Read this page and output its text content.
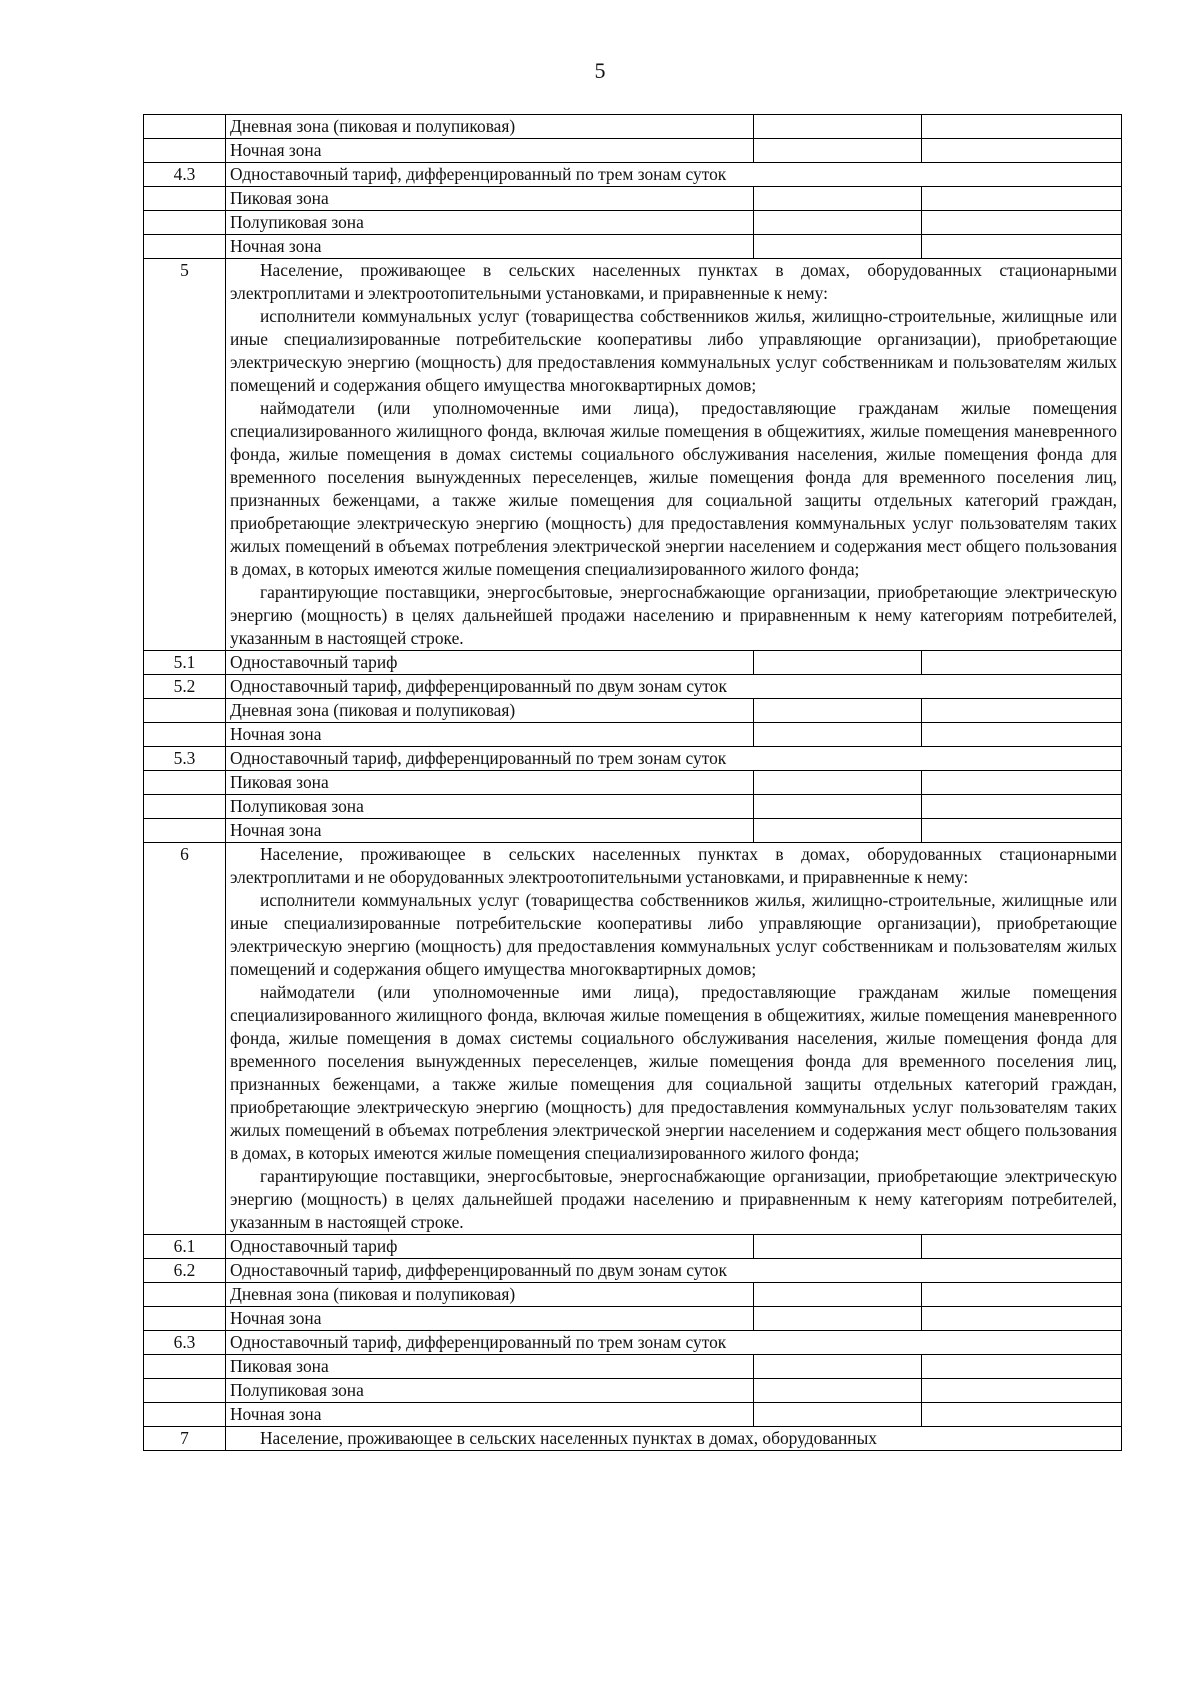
5
	Дневная зона (пиковая и полупиковая)		
	Ночная зона		
4.3	Одноставочный тариф, дифференцированный по трем зонам суток		
	Пиковая зона		
	Полупиковая зона		
	Ночная зона		
5	Население, проживающее в сельских населенных пунктах в домах, оборудованных стационарными электроплитами и электроотопительными установками, и приравненные к нему:

исполнители коммунальных услуг (товарищества собственников жилья, жилищно-строительные, жилищные или иные специализированные потребительские кооперативы либо управляющие организации), приобретающие электрическую энергию (мощность) для предоставления коммунальных услуг собственникам и пользователям жилых помещений и содержания общего имущества многоквартирных домов;

наймодатели (или уполномоченные ими лица), предоставляющие гражданам жилые помещения специализированного жилищного фонда, включая жилые помещения в общежитиях, жилые помещения маневренного фонда, жилые помещения в домах системы социального обслуживания населения, жилые помещения фонда для временного поселения вынужденных переселенцев, жилые помещения фонда для временного поселения лиц, признанных беженцами, а также жилые помещения для социальной защиты отдельных категорий граждан, приобретающие электрическую энергию (мощность) для предоставления коммунальных услуг пользователям таких жилых помещений в объемах потребления электрической энергии населением и содержания мест общего пользования в домах, в которых имеются жилые помещения специализированного жилого фонда;

гарантирующие поставщики, энергосбытовые, энергоснабжающие организации, приобретающие электрическую энергию (мощность) в целях дальнейшей продажи населению и приравненным к нему категориям потребителей, указанным в настоящей строке.		

5.1	Одноставочный тариф		
5.2	Одноставочный тариф, дифференцированный по двум зонам суток		
	Дневная зона (пиковая и полупиковая)		
	Ночная зона		
5.3	Одноставочный тариф, дифференцированный по трем зонам суток		
	Пиковая зона		
	Полупиковая зона		
	Ночная зона		
6	Население, проживающее в сельских населенных пунктах в домах, оборудованных стационарными электроплитами и не оборудованных электроотопительными установками, и приравненные к нему:

исполнители коммунальных услуг (товарищества собственников жилья, жилищно-строительные, жилищные или иные специализированные потребительские кооперативы либо управляющие организации), приобретающие электрическую энергию (мощность) для предоставления коммунальных услуг собственникам и пользователям жилых помещений и содержания общего имущества многоквартирных домов;

наймодатели (или уполномоченные ими лица), предоставляющие гражданам жилые помещения специализированного жилищного фонда, включая жилые помещения в общежитиях, жилые помещения маневренного фонда, жилые помещения в домах системы социального обслуживания населения, жилые помещения фонда для временного поселения вынужденных переселенцев, жилые помещения фонда для временного поселения лиц, признанных беженцами, а также жилые помещения для социальной защиты отдельных категорий граждан, приобретающие электрическую энергию (мощность) для предоставления коммунальных услуг пользователям таких жилых помещений в объемах потребления электрической энергии населением и содержания мест общего пользования в домах, в которых имеются жилые помещения специализированного жилого фонда;

гарантирующие поставщики, энергосбытовые, энергоснабжающие организации, приобретающие электрическую энергию (мощность) в целях дальнейшей продажи населению и приравненным к нему категориям потребителей, указанным в настоящей строке.		

6.1	Одноставочный тариф		
6.2	Одноставочный тариф, дифференцированный по двум зонам суток		
	Дневная зона (пиковая и полупиковая)		
	Ночная зона		
6.3	Одноставочный тариф, дифференцированный по трем зонам суток		
	Пиковая зона		
	Полупиковая зона		
	Ночная зона		
7	Население, проживающее в сельских населенных пунктах в домах, оборудованных		
